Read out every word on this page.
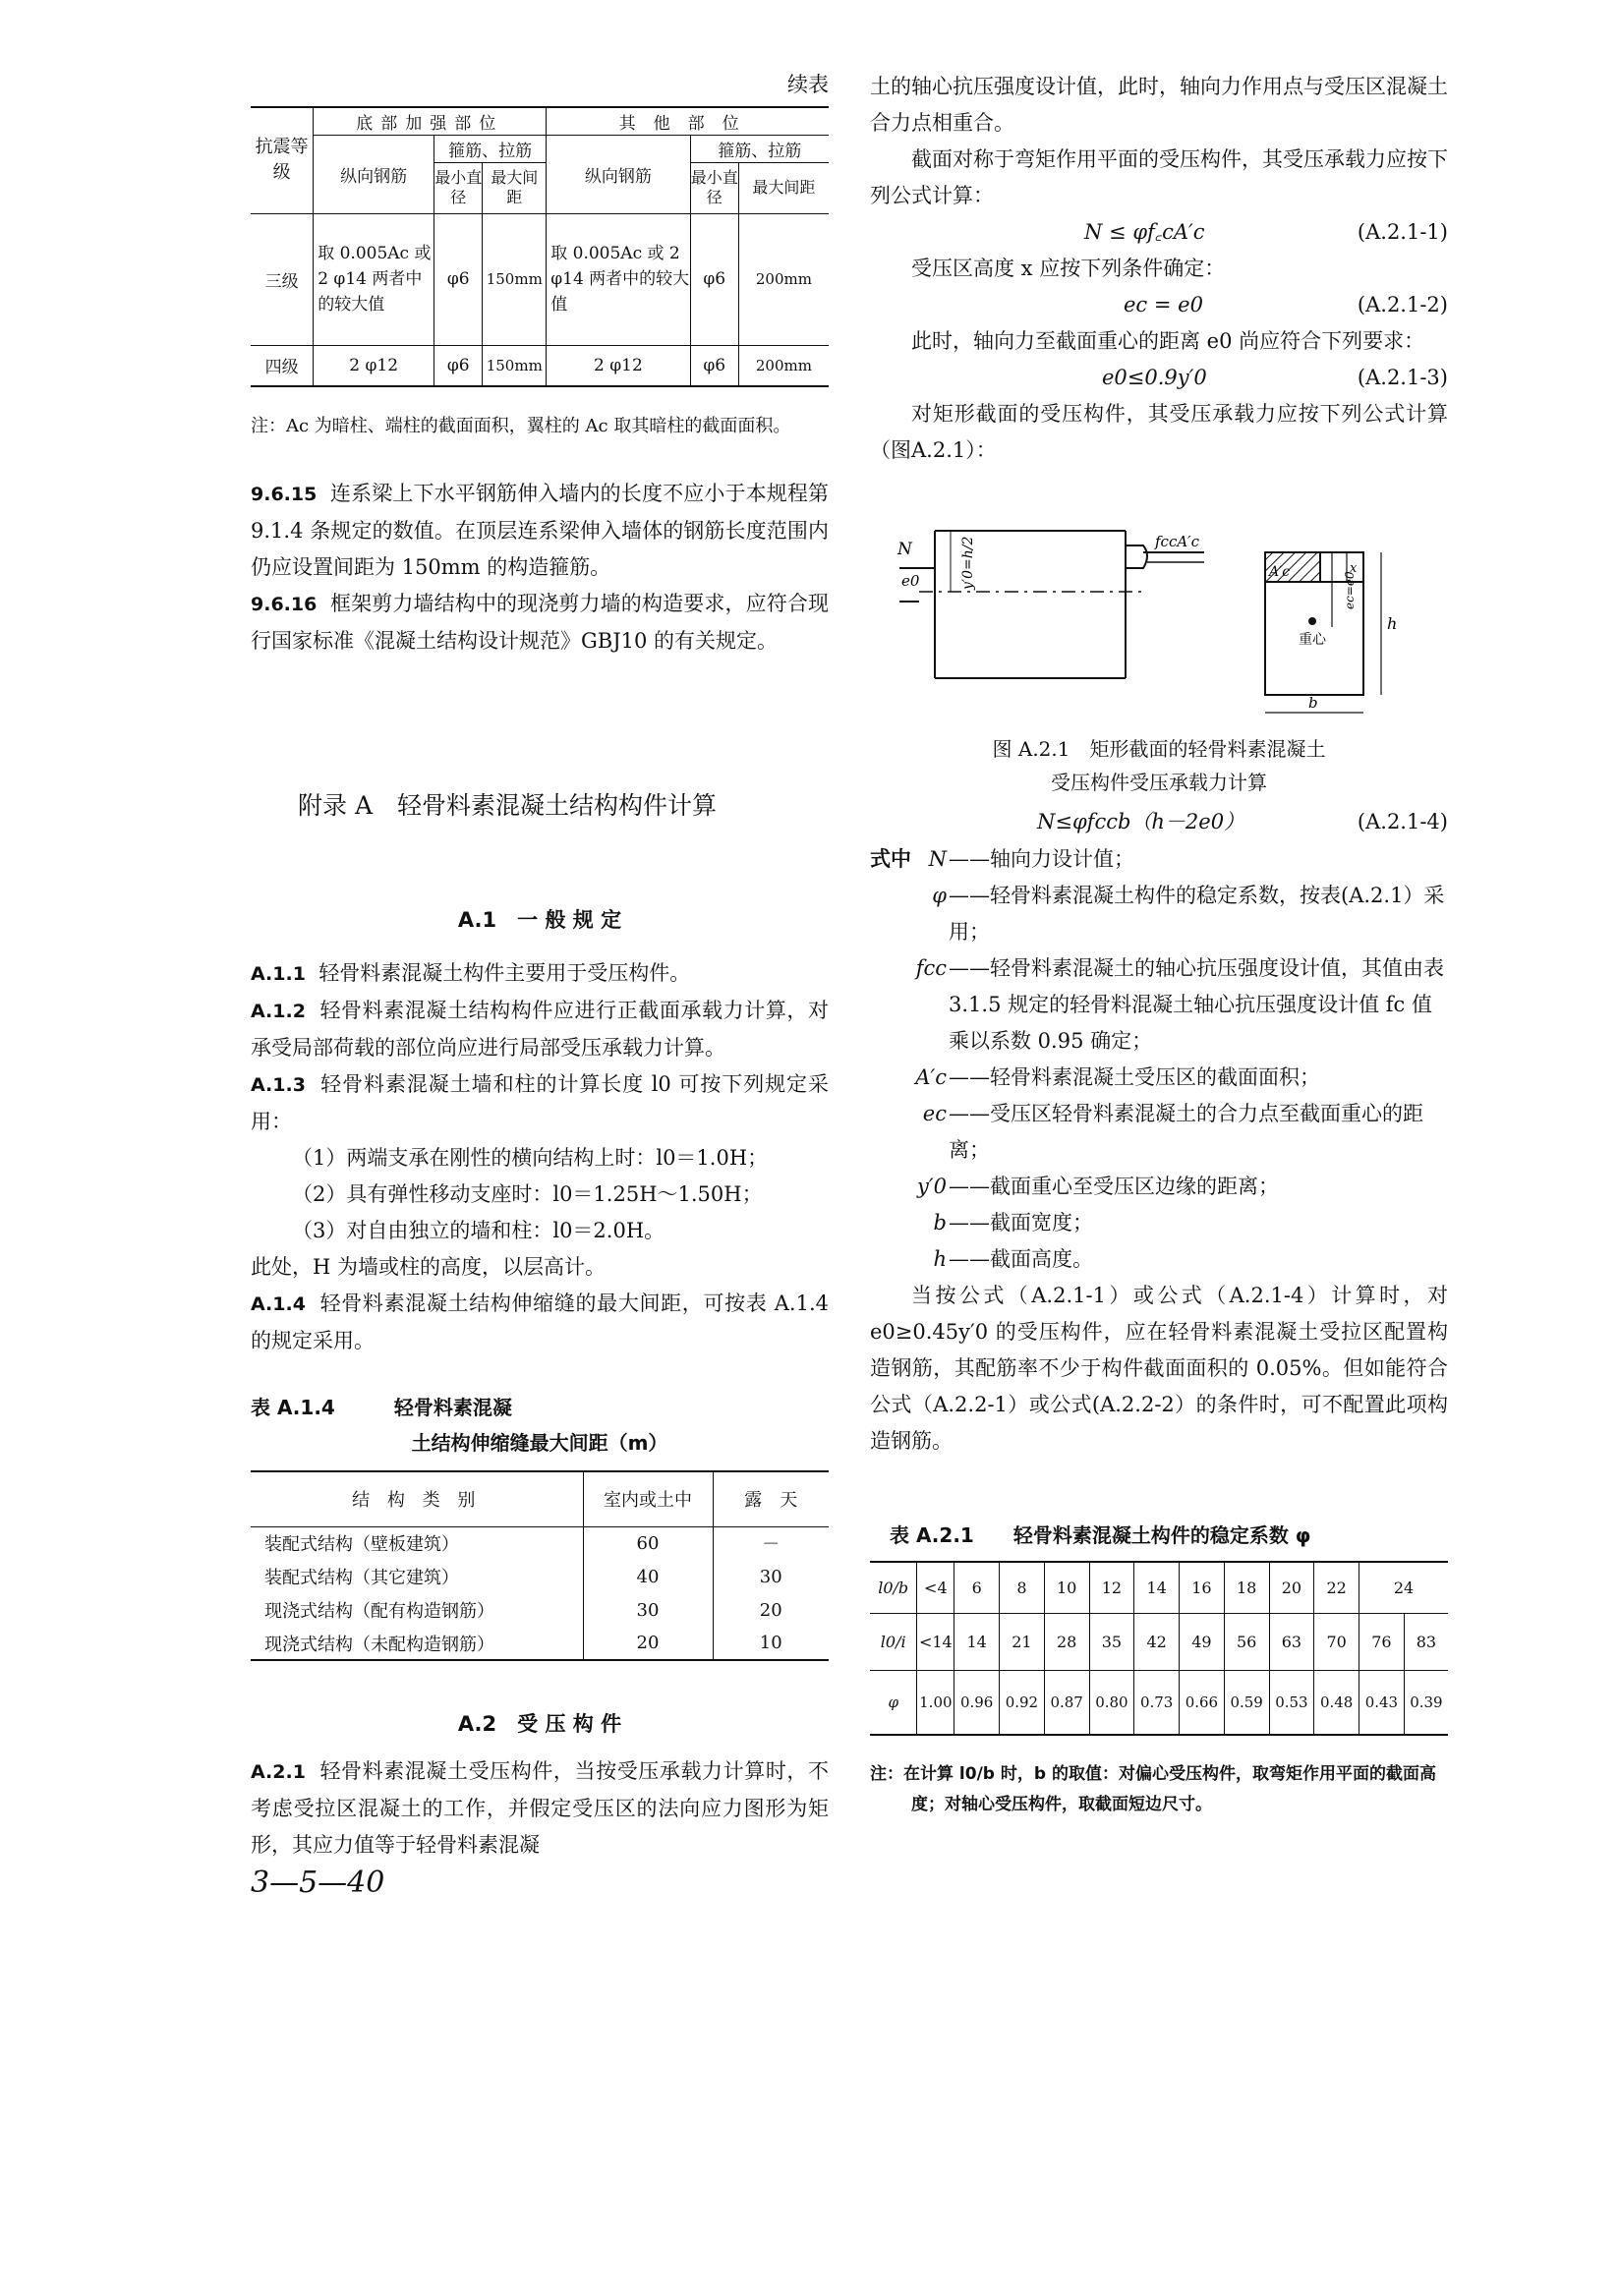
续表
抗震等级	底部加强部位			其他部位		
	纵向钢筋	箍筋、拉筋		纵向钢筋	箍筋、拉筋	
		最小直径	最大间距		最小直径	最大间距
三级	取 0.005Ac 或 2 φ14 两者中的较大值	φ6	150mm	取 0.005Ac 或 2 φ14 两者中的较大值	φ6	200mm
四级	2 φ12	φ6	150mm	2 φ12	φ6	200mm
注：Ac 为暗柱、端柱的截面面积，翼柱的 Ac 取其暗柱的截面面积。

9.6.15 连系梁上下水平钢筋伸入墙内的长度不应小于本规程第 9.1.4 条规定的数值。在顶层连系梁伸入墙体的钢筋长度范围内仍应设置间距为 150mm 的构造箍筋。

9.6.16 框架剪力墙结构中的现浇剪力墙的构造要求，应符合现行国家标准《混凝土结构设计规范》GBJ10 的有关规定。

附录 A　轻骨料素混凝土结构构件计算
A.1　一 般 规 定

A.1.1 轻骨料素混凝土构件主要用于受压构件。

A.1.2 轻骨料素混凝土结构构件应进行正截面承载力计算，对承受局部荷载的部位尚应进行局部受压承载力计算。

A.1.3 轻骨料素混凝土墙和柱的计算长度 l0 可按下列规定采用：

（1）两端支承在刚性的横向结构上时：l0＝1.0H；

（2）具有弹性移动支座时：l0＝1.25H～1.50H；

（3）对自由独立的墙和柱：l0＝2.0H。

此处，H 为墙或柱的高度，以层高计。

A.1.4 轻骨料素混凝土结构伸缩缝的最大间距，可按表 A.1.4 的规定采用。

表 A.1.4　　　轻骨料素混凝
土结构伸缩缝最大间距（m）
结 构 类 别	室内或土中	露　天
装配式结构（壁板建筑）	60	－
装配式结构（其它建筑）	40	30
现浇式结构（配有构造钢筋）	30	20
现浇式结构（未配构造钢筋）	20	10
A.2　受 压 构 件

A.2.1 轻骨料素混凝土受压构件，当按受压承载力计算时，不考虑受拉区混凝土的工作，并假定受压区的法向应力图形为矩形，其应力值等于轻骨料素混凝

3—5—40

土的轴心抗压强度设计值，此时，轴向力作用点与受压区混凝土合力点相重合。

截面对称于弯矩作用平面的受压构件，其受压承载力应按下列公式计算：

N ≤ φf꜀cA′c	(A.2.1-1)

受压区高度 x 应按下列条件确定：

ec = e0	(A.2.1-2)

此时，轴向力至截面重心的距离 e0 尚应符合下列要求：

e0≤0.9y′0	(A.2.1-3)

对矩形截面的受压构件，其受压承载力应按下列公式计算（图A.2.1）：

N
e0	y′0=h/2	fccA′c
A′c
重心
ec=e0
x
h
b
图 A.2.1　矩形截面的轻骨料素混凝土
受压构件受压承载力计算
N≤φfccb（h－2e0）	(A.2.1-4)
式中 N ——轴向力设计值；
φ ——轻骨料素混凝土构件的稳定系数，按表(A.2.1）采用；
fcc ——轻骨料素混凝土的轴心抗压强度设计值，其值由表 3.1.5 规定的轻骨料混凝土轴心抗压强度设计值 fc 值乘以系数 0.95 确定；
A′c ——轻骨料素混凝土受压区的截面面积；
ec ——受压区轻骨料素混凝土的合力点至截面重心的距离；
y′0 ——截面重心至受压区边缘的距离；
b ——截面宽度；
h ——截面高度。

当按公式（A.2.1-1）或公式（A.2.1-4）计算时，对 e0≥0.45y′0 的受压构件，应在轻骨料素混凝土受拉区配置构造钢筋，其配筋率不少于构件截面面积的 0.05%。但如能符合公式（A.2.2-1）或公式(A.2.2-2）的条件时，可不配置此项构造钢筋。

表 A.2.1　　轻骨料素混凝土构件的稳定系数 φ
l0/b	<4	6	8	10	12	14	16	18	20	22	24	
l0/i	<14	14	21	28	35	42	49	56	63	70	76	83
φ	1.00	0.96	0.92	0.87	0.80	0.73	0.66	0.59	0.53	0.48	0.43	0.39
注：在计算 l0/b 时，b 的取值：对偏心受压构件，取弯矩作用平面的截面高度；对轴心受压构件，取截面短边尺寸。
